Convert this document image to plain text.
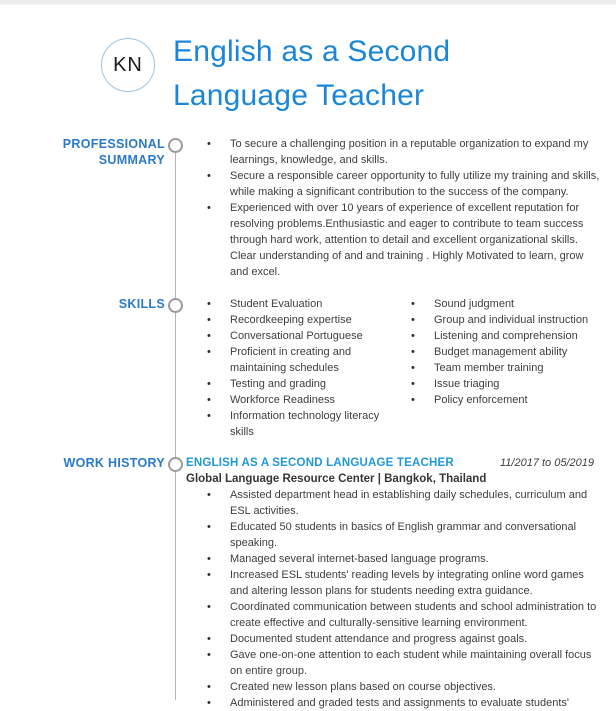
KN English as a Second
Language Teacher
PROFESSIONAL SUMMARY
• To secure a challenging position in a reputable organization to expand my learnings, knowledge, and skills.
• Secure a responsible career opportunity to fully utilize my training and skills, while making a significant contribution to the success of the company.
• Experienced with over 10 years of experience of excellent reputation for resolving problems.Enthusiastic and eager to contribute to team success through hard work, attention to detail and excellent organizational skills. Clear understanding of and and training . Highly Motivated to learn, grow and excel.
SKILLS	• Student Evaluation
• Recordkeeping expertise
• Conversational Portuguese
• Proficient in creating and maintaining schedules
• Testing and grading
• Workforce Readiness
• Information technology literacy skills
• Sound judgment
• Group and individual instruction
• Listening and comprehension
• Budget management ability
• Team member training
• Issue triaging
• Policy enforcement
WORK HISTORY ENGLISH AS A SECOND LANGUAGE TEACHER	11/2017 to 05/2019
Global Language Resource Center | Bangkok, Thailand
• Assisted department head in establishing daily schedules, curriculum and ESL activities.
• Educated 50 students in basics of English grammar and conversational speaking.
• Managed several internet-based language programs.
• Increased ESL students' reading levels by integrating online word games and altering lesson plans for students needing extra guidance.
• Coordinated communication between students and school administration to create effective and culturally-sensitive learning environment.
• Documented student attendance and progress against goals.
• Gave one-on-one attention to each student while maintaining overall focus on entire group.
• Created new lesson plans based on course objectives.
• Administered and graded tests and assignments to evaluate students'
